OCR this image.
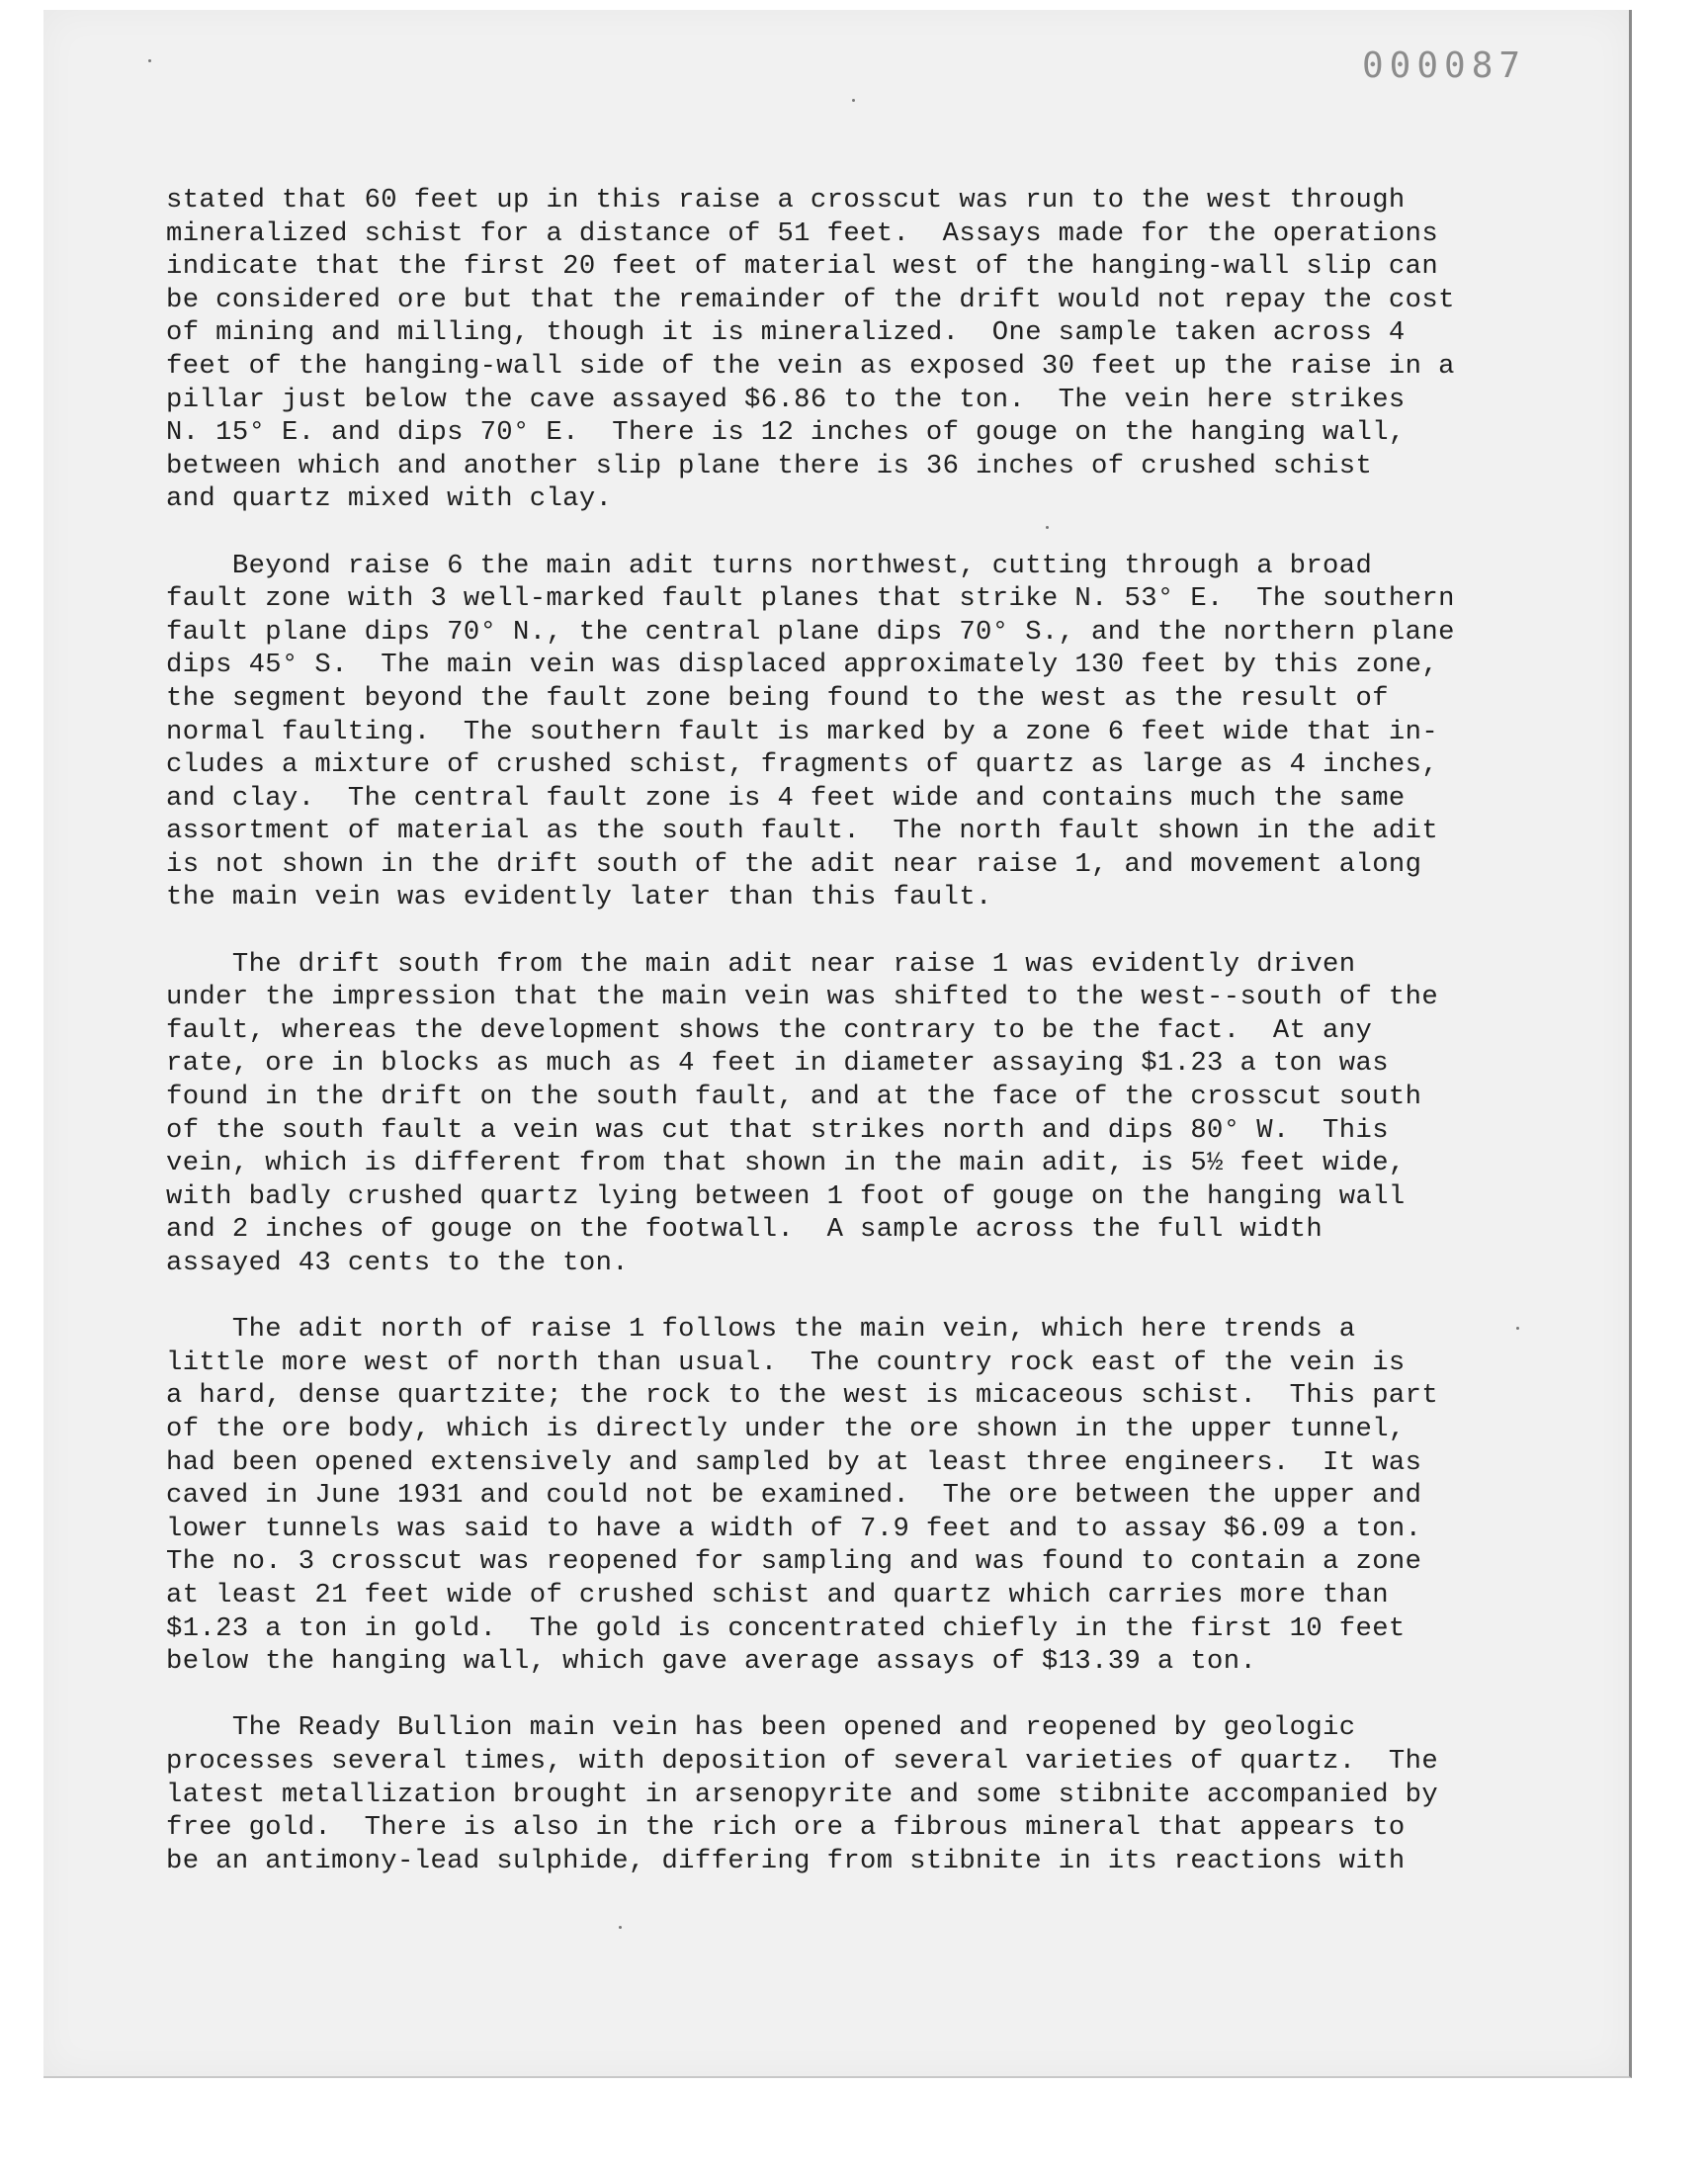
000087
stated that 60 feet up in this raise a crosscut was run to the west through
mineralized schist for a distance of 51 feet.  Assays made for the operations
indicate that the first 20 feet of material west of the hanging-wall slip can
be considered ore but that the remainder of the drift would not repay the cost
of mining and milling, though it is mineralized.  One sample taken across 4
feet of the hanging-wall side of the vein as exposed 30 feet up the raise in a
pillar just below the cave assayed $6.86 to the ton.  The vein here strikes
N. 15° E. and dips 70° E.  There is 12 inches of gouge on the hanging wall,
between which and another slip plane there is 36 inches of crushed schist
and quartz mixed with clay.
Beyond raise 6 the main adit turns northwest, cutting through a broad
fault zone with 3 well-marked fault planes that strike N. 53° E.  The southern
fault plane dips 70° N., the central plane dips 70° S., and the northern plane
dips 45° S.  The main vein was displaced approximately 130 feet by this zone,
the segment beyond the fault zone being found to the west as the result of
normal faulting.  The southern fault is marked by a zone 6 feet wide that in-
cludes a mixture of crushed schist, fragments of quartz as large as 4 inches,
and clay.  The central fault zone is 4 feet wide and contains much the same
assortment of material as the south fault.  The north fault shown in the adit
is not shown in the drift south of the adit near raise 1, and movement along
the main vein was evidently later than this fault.
The drift south from the main adit near raise 1 was evidently driven
under the impression that the main vein was shifted to the west--south of the
fault, whereas the development shows the contrary to be the fact.  At any
rate, ore in blocks as much as 4 feet in diameter assaying $1.23 a ton was
found in the drift on the south fault, and at the face of the crosscut south
of the south fault a vein was cut that strikes north and dips 80° W.  This
vein, which is different from that shown in the main adit, is 5½ feet wide,
with badly crushed quartz lying between 1 foot of gouge on the hanging wall
and 2 inches of gouge on the footwall.  A sample across the full width
assayed 43 cents to the ton.
The adit north of raise 1 follows the main vein, which here trends a
little more west of north than usual.  The country rock east of the vein is
a hard, dense quartzite; the rock to the west is micaceous schist.  This part
of the ore body, which is directly under the ore shown in the upper tunnel,
had been opened extensively and sampled by at least three engineers.  It was
caved in June 1931 and could not be examined.  The ore between the upper and
lower tunnels was said to have a width of 7.9 feet and to assay $6.09 a ton.
The no. 3 crosscut was reopened for sampling and was found to contain a zone
at least 21 feet wide of crushed schist and quartz which carries more than
$1.23 a ton in gold.  The gold is concentrated chiefly in the first 10 feet
below the hanging wall, which gave average assays of $13.39 a ton.
The Ready Bullion main vein has been opened and reopened by geologic
processes several times, with deposition of several varieties of quartz.  The
latest metallization brought in arsenopyrite and some stibnite accompanied by
free gold.  There is also in the rich ore a fibrous mineral that appears to
be an antimony-lead sulphide, differing from stibnite in its reactions with
